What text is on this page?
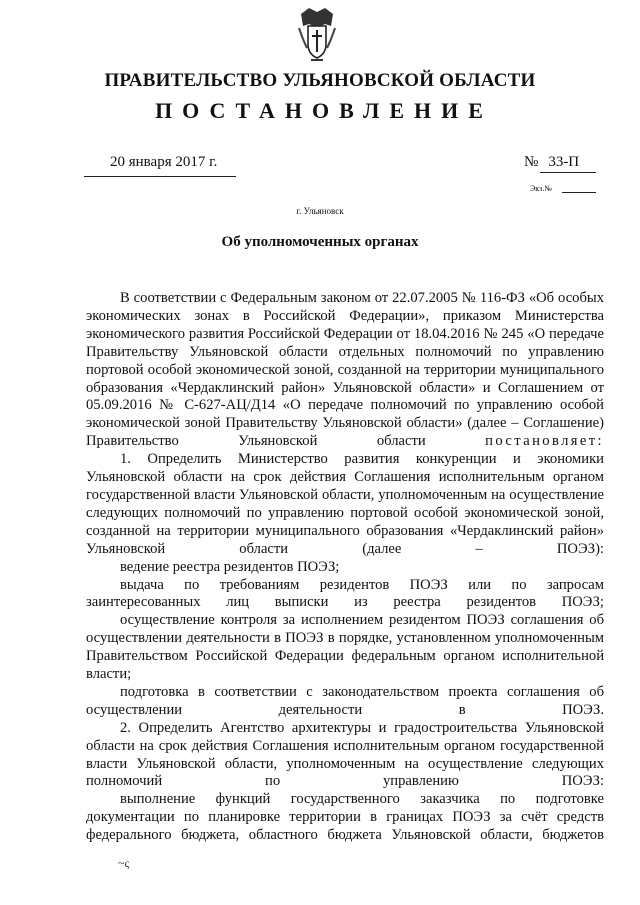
ПРАВИТЕЛЬСТВО УЛЬЯНОВСКОЙ ОБЛАСТИ
ПОСТАНОВЛЕНИЕ
20 января 2017 г.	№ 33-П
Экз.№
г. Ульяновск
Об уполномоченных органах

В соответствии с Федеральным законом от 22.07.2005 № 116-ФЗ «Об особых экономических зонах в Российской Федерации», приказом Министерства экономического развития Российской Федерации от 18.04.2016 № 245 «О передаче Правительству Ульяновской области отдельных полномочий по управлению портовой особой экономической зоной, созданной на территории муниципального образования «Чердаклинский район» Ульяновской области» и Соглашением от 05.09.2016 № С-627-АЦ/Д14 «О передаче полномочий по управлению особой экономической зоной Правительству Ульяновской области» (далее – Соглашение) Правительство Ульяновской области	постановляет:

1. Определить Министерство развития конкуренции и экономики Ульяновской области на срок действия Соглашения исполнительным органом государственной власти Ульяновской области, уполномоченным на осуществление следующих полномочий по управлению портовой особой экономической зоной, созданной на территории муниципального образования «Чердаклинский район» Ульяновской области (далее – ПОЭЗ):

ведение реестра резидентов ПОЭЗ;

выдача по требованиям резидентов ПОЭЗ или по запросам заинтересованных лиц выписки из реестра резидентов ПОЭЗ;

осуществление контроля за исполнением резидентом ПОЭЗ соглашения об осуществлении деятельности в ПОЭЗ в порядке, установленном уполномоченным Правительством Российской Федерации федеральным органом исполнительной власти;

подготовка в соответствии с законодательством проекта соглашения об осуществлении деятельности в ПОЭЗ.

2. Определить Агентство архитектуры и градостроительства Ульяновской области на срок действия Соглашения исполнительным органом государственной власти Ульяновской области, уполномоченным на осуществление следующих полномочий по управлению ПОЭЗ:

выполнение функций государственного заказчика по подготовке документации по планировке территории в границах ПОЭЗ за счёт средств федерального бюджета, областного бюджета Ульяновской области, бюджетов

~ς
